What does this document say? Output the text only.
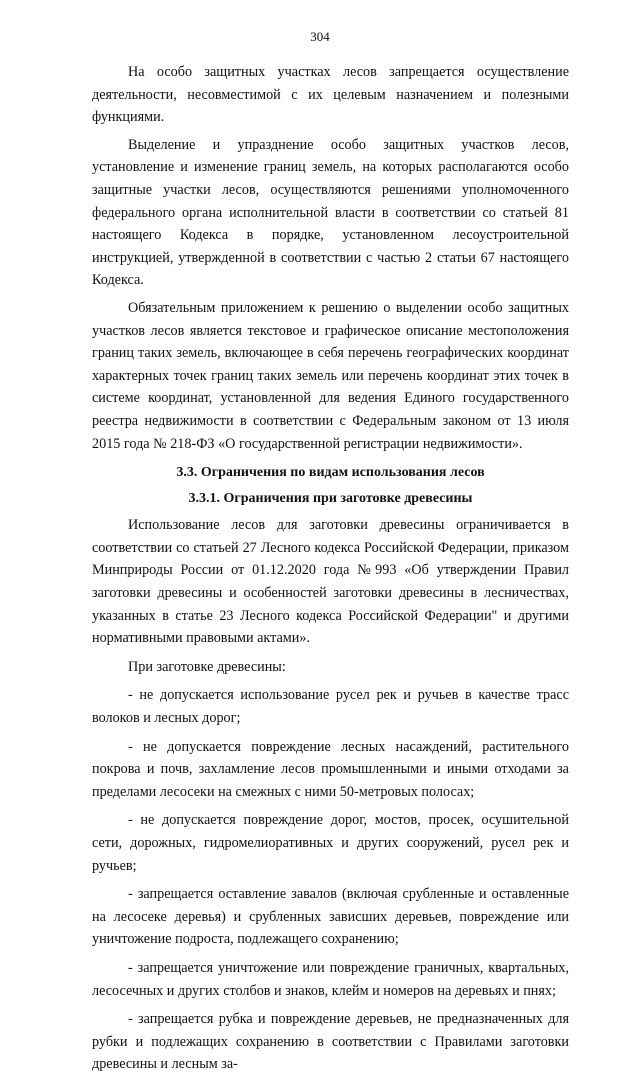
304

На особо защитных участках лесов запрещается осуществление деятельности, несовместимой с их целевым назначением и полезными функциями.

Выделение и упразднение особо защитных участков лесов, установление и изменение границ земель, на которых располагаются особо защитные участки лесов, осуществляются решениями уполномоченного федерального органа исполнительной власти в соответствии со статьей 81 настоящего Кодекса в порядке, установленном лесоустроительной инструкцией, утвержденной в соответствии с частью 2 статьи 67 настоящего Кодекса.

Обязательным приложением к решению о выделении особо защитных участков лесов является текстовое и графическое описание местоположения границ таких земель, включающее в себя перечень географических координат характерных точек границ таких земель или перечень координат этих точек в системе координат, установленной для ведения Единого государственного реестра недвижимости в соответствии с Федеральным законом от 13 июля 2015 года № 218-ФЗ «О государственной регистрации недвижимости».

3.3. Ограничения по видам использования лесов

3.3.1. Ограничения при заготовке древесины

Использование лесов для заготовки древесины ограничивается в соответствии со статьей 27 Лесного кодекса Российской Федерации, приказом Минприроды России от 01.12.2020 года №993 «Об утверждении Правил заготовки древесины и особенностей заготовки древесины в лесничествах, указанных в статье 23 Лесного кодекса Российской Федерации" и другими нормативными правовыми актами».

При заготовке древесины:

- не допускается использование русел рек и ручьев в качестве трасс волоков и лесных дорог;

- не допускается повреждение лесных насаждений, растительного покрова и почв, захламление лесов промышленными и иными отходами за пределами лесосеки на смежных с ними 50-метровых полосах;

- не допускается повреждение дорог, мостов, просек, осушительной сети, дорожных, гидромелиоративных и других сооружений, русел рек и ручьев;

- запрещается оставление завалов (включая срубленные и оставленные на лесосеке деревья) и срубленных зависших деревьев, повреждение или уничтожение подроста, подлежащего сохранению;

- запрещается уничтожение или повреждение граничных, квартальных, лесосечных и других столбов и знаков, клейм и номеров на деревьях и пнях;

- запрещается рубка и повреждение деревьев, не предназначенных для рубки и подлежащих сохранению в соответствии с Правилами заготовки древесины и лесным за-
